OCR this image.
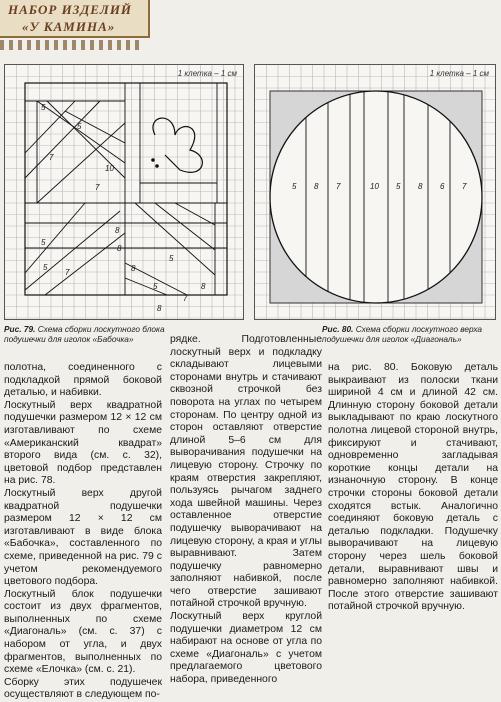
НАБОР ИЗДЕЛИЙ
«У КАМИНА»
5
7
5
10
7
8
5
8
5
7	8
5
8
7
8
5
1 клетка – 1 см
5 8 7	10 5 8 6 7
1 клетка – 1 см
Рис. 79. Схема сборки лоскутного блока подушечки для иголок «Бабочка»
Рис. 80. Схема сборки лоскутного верха подушечки для иголок «Диагональ»

полотна, соединенного с подкладкой прямой боковой деталью, и набивки.

Лоскутный верх квадратной подушечки размером 12 × 12 см изготавливают по схеме «Американский квадрат» второго вида (см. с. 32), цветовой подбор представлен на рис. 78.

Лоскутный верх другой квадратной подушечки размером 12 × 12 см изготавливают в виде блока «Бабочка», составленного по схеме, приведенной на рис. 79 с учетом рекомендуемого цветового подбора.

Лоскутный блок подушечки состоит из двух фрагментов, выполненных по схеме «Диагональ» (см. с. 37) с набором от угла, и двух фрагментов, выполненных по схеме «Елочка» (см. с. 21).

Сборку этих подушечек осуществляют в следующем по-

рядке. Подготовленные лоскутный верх и подкладку складывают лицевыми сторонами внутрь и стачивают сквозной строчкой без поворота на углах по четырем сторонам. По центру одной из сторон оставляют отверстие длиной 5–6 см для выворачивания подушечки на лицевую сторону. Строчку по краям отверстия закрепляют, пользуясь рычагом заднего хода швейной машины. Через оставленное отверстие подушечку выворачивают на лицевую сторону, а края и углы выравнивают. Затем подушечку равномерно заполняют набивкой, после чего отверстие зашивают потайной строчкой вручную.

Лоскутный верх круглой подушечки диаметром 12 см набирают на основе от угла по схеме «Диагональ» с учетом предлагаемого цветового набора, приведенного

на рис. 80. Боковую деталь выкраивают из полоски ткани шириной 4 см и длиной 42 см. Длинную сторону боковой детали выкладывают по краю лоскутного полотна лицевой стороной внутрь, фиксируют и стачивают, одновременно загладывая короткие концы детали на изнаночную сторону. В конце строчки стороны боковой детали сходятся встык. Аналогично соединяют боковую деталь с деталью подкладки. Подушечку выворачивают на лицевую сторону через шель боковой детали, выравнивают швы и равномерно заполняют набивкой. После этого отверстие зашивают потайной строчкой вручную.
